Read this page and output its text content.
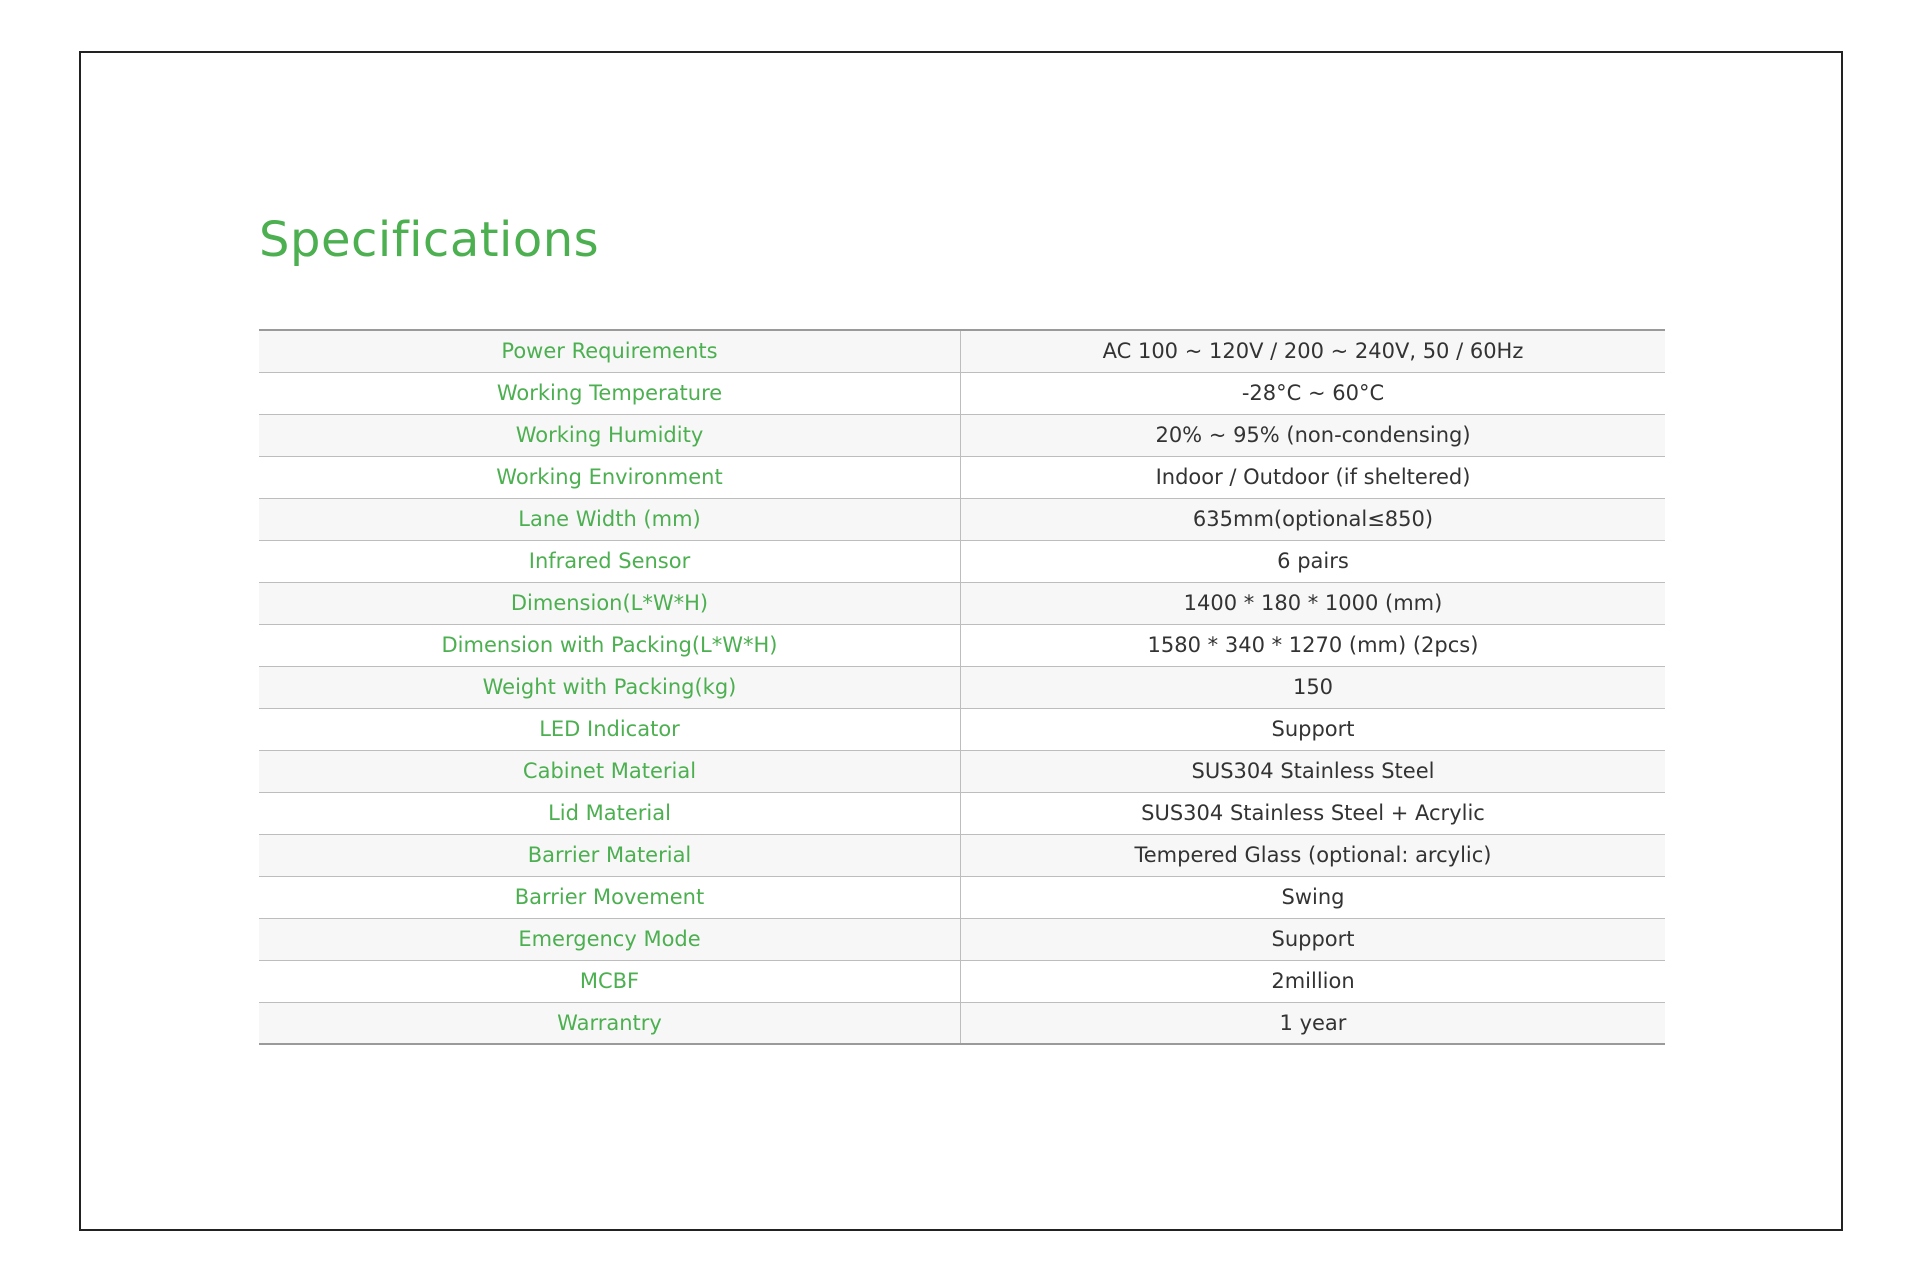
Specifications
Power Requirements	AC 100 ~ 120V / 200 ~ 240V, 50 / 60Hz
Working Temperature	-28°C ~ 60°C
Working Humidity	20% ~ 95% (non-condensing)
Working Environment	Indoor / Outdoor (if sheltered)
Lane Width (mm)	635mm(optional≤850)
Infrared Sensor	6 pairs
Dimension(L*W*H)	1400 * 180 * 1000 (mm)
Dimension with Packing(L*W*H)	1580 * 340 * 1270 (mm) (2pcs)
Weight with Packing(kg)	150
LED Indicator	Support
Cabinet Material	SUS304 Stainless Steel
Lid Material	SUS304 Stainless Steel + Acrylic
Barrier Material	Tempered Glass (optional: arcylic)
Barrier Movement	Swing
Emergency Mode	Support
MCBF	2million
Warrantry	1 year
